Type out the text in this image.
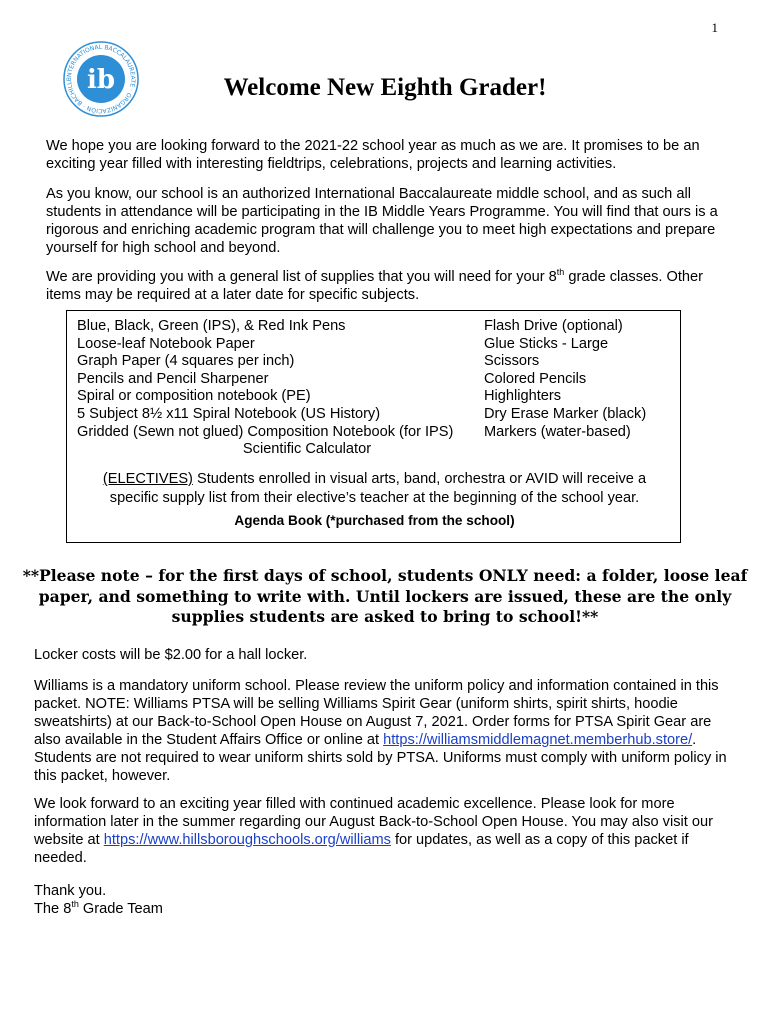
1
INTERNATIONAL BACCALAUREATE · ORGANIZACIÓN · BACHILLE ib	Welcome New Eighth Grader!

We hope you are looking forward to the 2021-22 school year as much as we are. It promises to be an exciting year filled with interesting fieldtrips, celebrations, projects and learning activities.

As you know, our school is an authorized International Baccalaureate middle school, and as such all students in attendance will be participating in the IB Middle Years Programme. You will find that ours is a rigorous and enriching academic program that will challenge you to meet high expectations and prepare yourself for high school and beyond.

We are providing you with a general list of supplies that you will need for your 8th grade classes. Other items may be required at a later date for specific subjects.

Blue, Black, Green (IPS), & Red Ink Pens
Loose-leaf Notebook Paper
Graph Paper (4 squares per inch)
Pencils and Pencil Sharpener
Spiral or composition notebook (PE)
5 Subject 8½ x11 Spiral Notebook (US History)
Gridded (Sewn not glued) Composition Notebook (for IPS)
Flash Drive (optional)
Glue Sticks - Large
Scissors
Colored Pencils
Highlighters
Dry Erase Marker (black)
Markers (water-based)
Scientific Calculator
(ELECTIVES) Students enrolled in visual arts, band, orchestra or AVID will receive a specific supply list from their elective’s teacher at the beginning of the school year.
Agenda Book (*purchased from the school)
**Please note – for the first days of school, students ONLY need: a folder, loose leaf paper, and something to write with. Until lockers are issued, these are the only supplies students are asked to bring to school!**

Locker costs will be $2.00 for a hall locker.

Williams is a mandatory uniform school. Please review the uniform policy and information contained in this packet. NOTE: Williams PTSA will be selling Williams Spirit Gear (uniform shirts, spirit shirts, hoodie sweatshirts) at our Back-to-School Open House on August 7, 2021. Order forms for PTSA Spirit Gear are also available in the Student Affairs Office or online at https://williamsmiddlemagnet.memberhub.store/. Students are not required to wear uniform shirts sold by PTSA. Uniforms must comply with uniform policy in this packet, however.

We look forward to an exciting year filled with continued academic excellence. Please look for more information later in the summer regarding our August Back-to-School Open House. You may also visit our website at https://www.hillsboroughschools.org/williams for updates, as well as a copy of this packet if needed.

Thank you.
The 8th Grade Team
